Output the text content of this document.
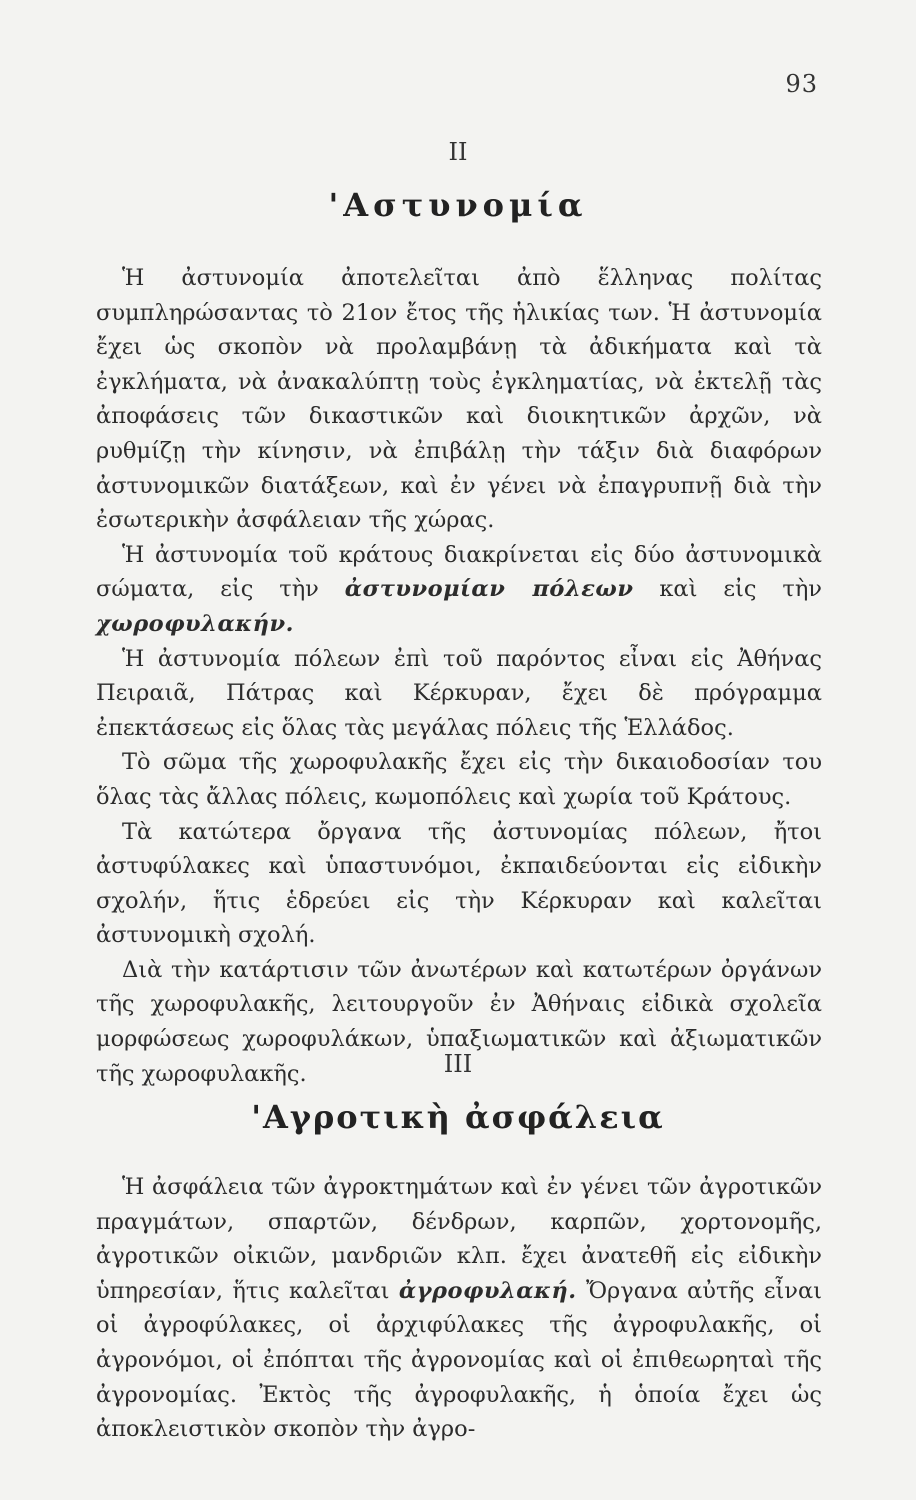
93
II
'Αστυνομία

Ἡ ἀστυνομία ἀποτελεῖται ἀπὸ ἕλληνας πολίτας συμπληρώσαντας τὸ 21ον ἔτος τῆς ἡλικίας των. Ἡ ἀστυνομία ἔχει ὡς σκοπὸν νὰ προλαμβάνῃ τὰ ἀδικήματα καὶ τὰ ἐγκλήματα, νὰ ἀνακαλύπτῃ τοὺς ἐγκληματίας, νὰ ἐκτελῇ τὰς ἀποφάσεις τῶν δικαστικῶν καὶ διοικητικῶν ἀρχῶν, νὰ ρυθμίζῃ τὴν κίνησιν, νὰ ἐπιβάλῃ τὴν τάξιν διὰ διαφόρων ἀστυνομικῶν διατάξεων, καὶ ἐν γένει νὰ ἐπαγρυπνῇ διὰ τὴν ἐσωτερικὴν ἀσφάλειαν τῆς χώρας.

Ἡ ἀστυνομία τοῦ κράτους διακρίνεται εἰς δύο ἀστυνομικὰ σώματα, εἰς τὴν ἀστυνομίαν πόλεων καὶ εἰς τὴν χωροφυλακήν.

Ἡ ἀστυνομία πόλεων ἐπὶ τοῦ παρόντος εἶναι εἰς Ἀθήνας Πειραιᾶ, Πάτρας καὶ Κέρκυραν, ἔχει δὲ πρόγραμμα ἐπεκτάσεως εἰς ὅλας τὰς μεγάλας πόλεις τῆς Ἑλλάδος.

Τὸ σῶμα τῆς χωροφυλακῆς ἔχει εἰς τὴν δικαιοδοσίαν του ὅλας τὰς ἄλλας πόλεις, κωμοπόλεις καὶ χωρία τοῦ Κράτους.

Τὰ κατώτερα ὄργανα τῆς ἀστυνομίας πόλεων, ἤτοι ἀστυφύλακες καὶ ὑπαστυνόμοι, ἐκπαιδεύονται εἰς εἰδικὴν σχολήν, ἥτις ἑδρεύει εἰς τὴν Κέρκυραν καὶ καλεῖται ἀστυνομικὴ σχολή.

Διὰ τὴν κατάρτισιν τῶν ἀνωτέρων καὶ κατωτέρων ὀργάνων τῆς χωροφυλακῆς, λειτουργοῦν ἐν Ἀθήναις εἰδικὰ σχολεῖα μορφώσεως χωροφυλάκων, ὑπαξιωματικῶν καὶ ἀξιωματικῶν τῆς χωροφυλακῆς.	III
'Αγροτικὴ ἀσφάλεια

Ἡ ἀσφάλεια τῶν ἀγροκτημάτων καὶ ἐν γένει τῶν ἀγροτικῶν πραγμάτων, σπαρτῶν, δένδρων, καρπῶν, χορτονομῆς, ἀγροτικῶν οἰκιῶν, μανδριῶν κλπ. ἔχει ἀνατεθῆ εἰς εἰδικὴν ὑπηρεσίαν, ἥτις καλεῖται ἀγροφυλακή. Ὄργανα αὐτῆς εἶναι οἱ ἀγροφύλακες, οἱ ἀρχιφύλακες τῆς ἀγροφυλακῆς, οἱ ἀγρονόμοι, οἱ ἐπόπται τῆς ἀγρονομίας καὶ οἱ ἐπιθεωρηταὶ τῆς ἀγρονομίας. Ἐκτὸς τῆς ἀγροφυλακῆς, ἡ ὁποία ἔχει ὡς ἀποκλειστικὸν σκοπὸν τὴν ἀγρο-
